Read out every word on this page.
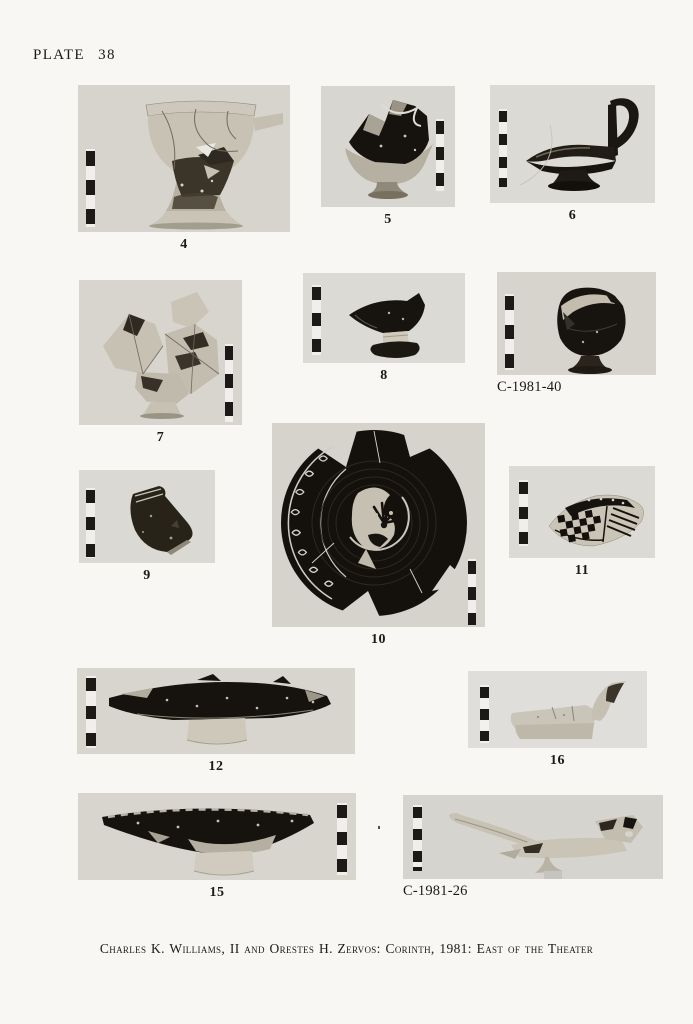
PLATE 38
4
5	6
7
8
C-1981-40
9
10
11
12	16
15	C-1981-26
Charles K. Williams, II and Orestes H. Zervos: Corinth, 1981: East of the Theater
